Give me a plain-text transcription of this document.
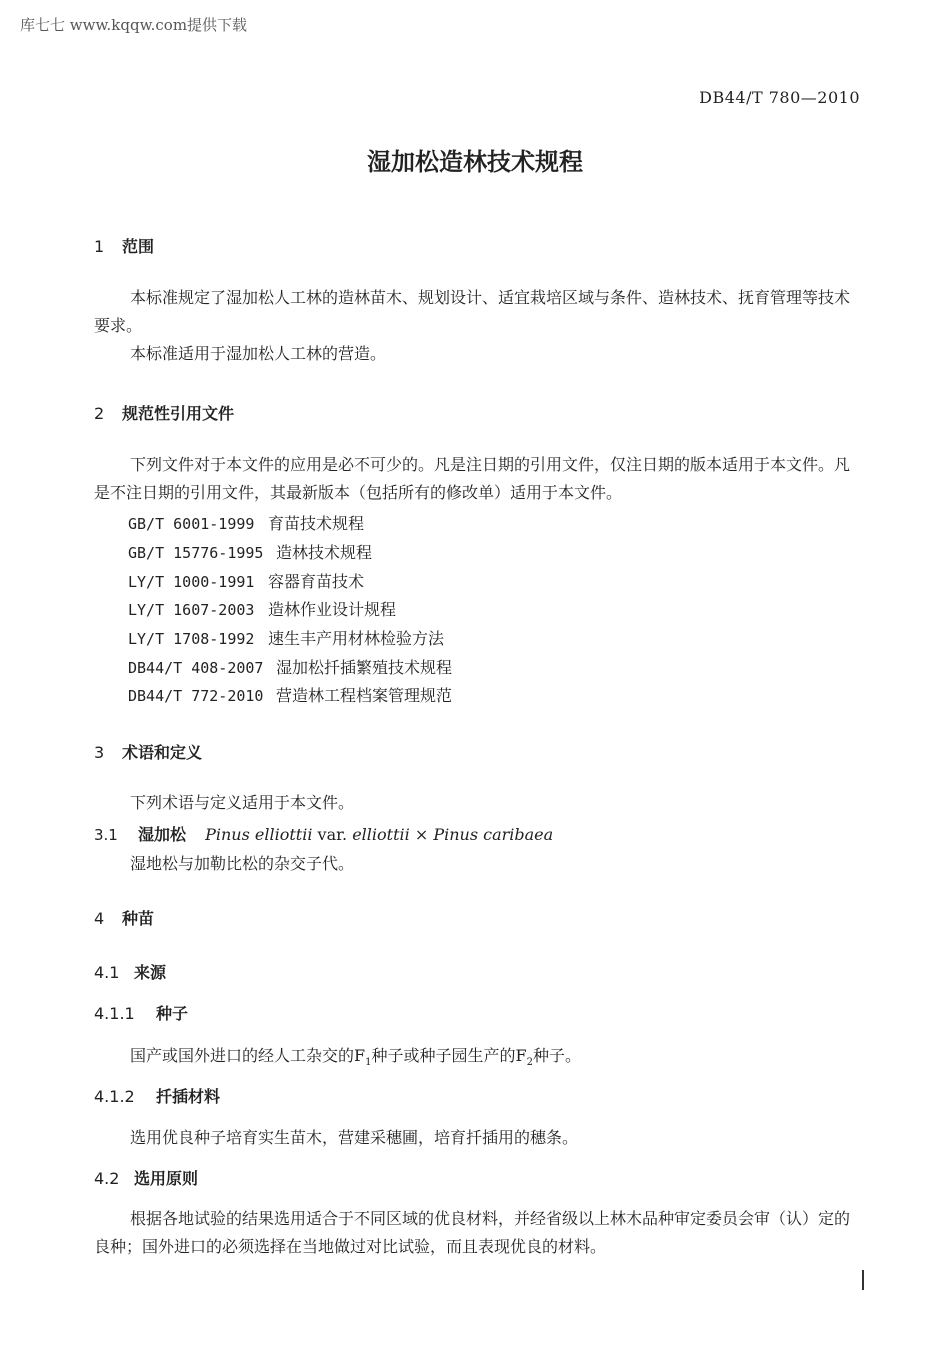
库七七 www.kqqw.com提供下载
DB44/T 780—2010
湿加松造林技术规程
1 范围
本标准规定了湿加松人工林的造林苗木、规划设计、适宜栽培区域与条件、造林技术、抚育管理等技术要求。
本标准适用于湿加松人工林的营造。
2 规范性引用文件
下列文件对于本文件的应用是必不可少的。凡是注日期的引用文件，仅注日期的版本适用于本文件。凡是不注日期的引用文件，其最新版本（包括所有的修改单）适用于本文件。
GB/T 6001-1999 育苗技术规程
GB/T 15776-1995 造林技术规程
LY/T 1000-1991 容器育苗技术
LY/T 1607-2003 造林作业设计规程
LY/T 1708-1992 速生丰产用材林检验方法
DB44/T 408-2007 湿加松扦插繁殖技术规程
DB44/T 772-2010 营造林工程档案管理规范
3 术语和定义
下列术语与定义适用于本文件。
3.1 湿加松 Pinus elliottii var. elliottii × Pinus caribaea
湿地松与加勒比松的杂交子代。
4 种苗
4.1 来源
4.1.1 种子
国产或国外进口的经人工杂交的$F_1$种子或种子园生产的$F_2$种子。
4.1.2 扦插材料
选用优良种子培育实生苗木，营建采穗圃，培育扦插用的穗条。
4.2 选用原则
根据各地试验的结果选用适合于不同区域的优良材料，并经省级以上林木品种审定委员会审（认）定的良种；国外进口的必须选择在当地做过对比试验，而且表现优良的材料。
